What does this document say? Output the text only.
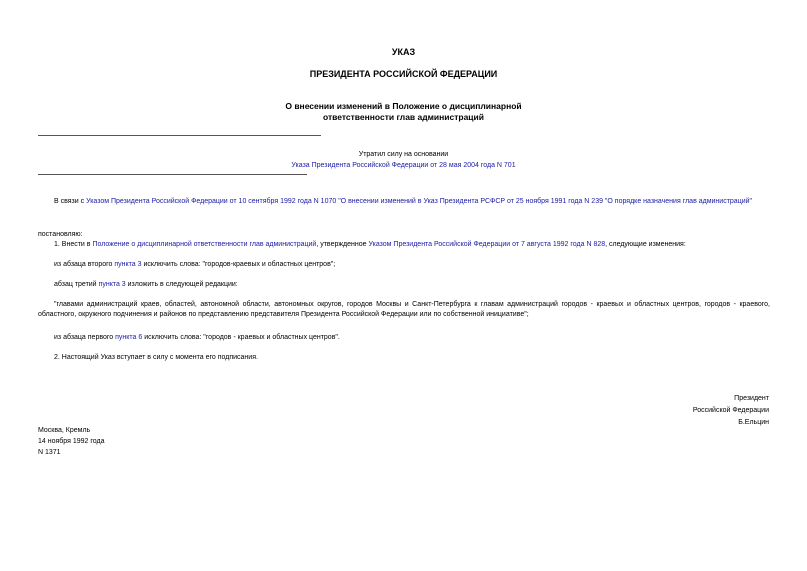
УКАЗ
ПРЕЗИДЕНТА РОССИЙСКОЙ ФЕДЕРАЦИИ
О внесении изменений в Положение о дисциплинарной
ответственности глав администраций
Утратил силу на основании
Указа Президента Российской Федерации от 28 мая 2004 года N 701
В связи с Указом Президента Российской Федерации от 10 сентября 1992 года N 1070 "О внесении изменений в Указ Президента РСФСР от 25 ноября 1991 года N 239 "О порядке назначения глав администраций"
постановляю:
1. Внести в Положение о дисциплинарной ответственности глав администраций, утвержденное Указом Президента Российской Федерации от 7 августа 1992 года N 828, следующие изменения:
из абзаца второго пункта 3 исключить слова: "городов-краевых и областных центров";
абзац третий пункта 3 изложить в следующей редакции:
"главами администраций краев, областей, автономной области, автономных округов, городов Москвы и Санкт-Петербурга к главам администраций городов - краевых и областных центров, городов - краевого, областного, окружного подчинения и районов по представлению представителя Президента Российской Федерации или по собственной инициативе";
из абзаца первого пункта 6 исключить слова: "городов - краевых и областных центров".
2. Настоящий Указ вступает в силу с момента его подписания.
Президент
Российской Федерации
Б.Ельцин
Москва, Кремль
14 ноября 1992 года
N 1371
